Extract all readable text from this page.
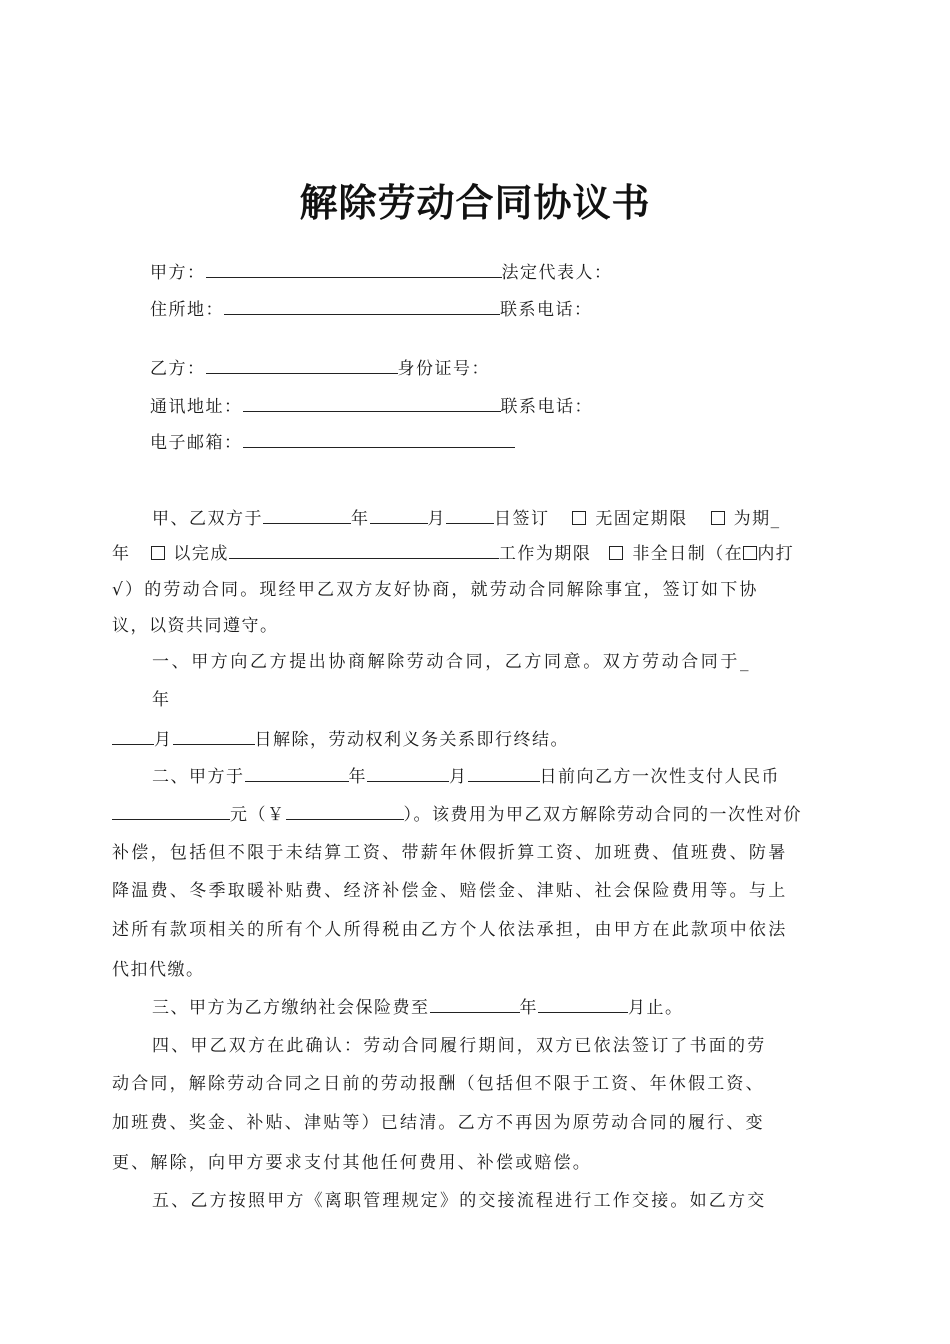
解除劳动合同协议书
甲方：	法定代表人：
住所地：	联系电话：
乙方：	身份证号：
通讯地址：	联系电话：
电子邮箱：
甲、乙双方于	年	月	日签订	无固定期限	为期_
年	以完成	工作为期限 非全日制（在 内打
√）的劳动合同。现经甲乙双方友好协商，就劳动合同解除事宜，签订如下协
议，以资共同遵守。
一、甲方向乙方提出协商解除劳动合同，乙方同意。双方劳动合同于_
年
月	日解除，劳动权利义务关系即行终结。
二、甲方于	年	月	日前向乙方一次性支付人民币
元（￥	）。该费用为甲乙双方解除劳动合同的一次性对价
补偿，包括但不限于未结算工资、带薪年休假折算工资、加班费、值班费、防暑
降温费、冬季取暖补贴费、经济补偿金、赔偿金、津贴、社会保险费用等。与上
述所有款项相关的所有个人所得税由乙方个人依法承担，由甲方在此款项中依法
代扣代缴。
三、甲方为乙方缴纳社会保险费至	年	月止。
四、甲乙双方在此确认：劳动合同履行期间，双方已依法签订了书面的劳
动合同，解除劳动合同之日前的劳动报酬（包括但不限于工资、年休假工资、
加班费、奖金、补贴、津贴等）已结清。乙方不再因为原劳动合同的履行、变
更、解除，向甲方要求支付其他任何费用、补偿或赔偿。
五、乙方按照甲方《离职管理规定》的交接流程进行工作交接。如乙方交
